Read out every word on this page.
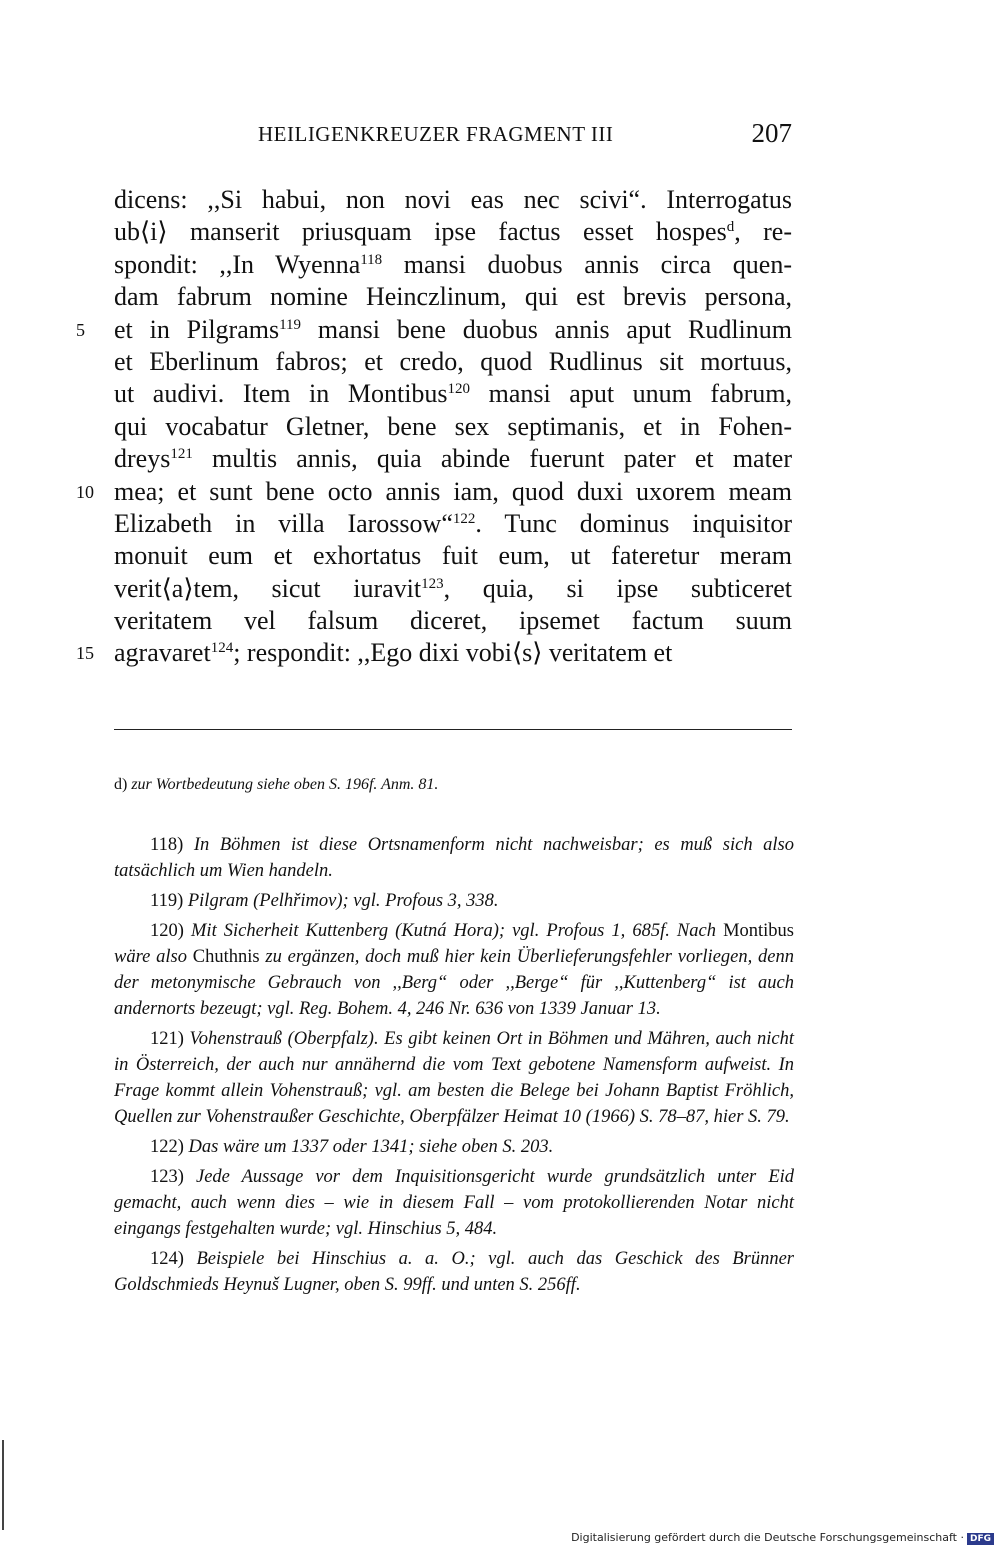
HEILIGENKREUZER FRAGMENT III	207
dicens: ,,Si habui, non novi eas nec scivi“. Interrogatus
ub⟨i⟩ manserit priusquam ipse factus esset hospes$^d$, re-
spondit: ,,In Wyenna$^{118}$ mansi duobus annis circa quen-
dam fabrum nomine Heinczlinum, qui est brevis persona,
5 et in Pilgrams$^{119}$ mansi bene duobus annis aput Rudlinum
et Eberlinum fabros; et credo, quod Rudlinus sit mortuus,
ut audivi. Item in Montibus$^{120}$ mansi aput unum fabrum,
qui vocabatur Gletner, bene sex septimanis, et in Fohen-
dreys$^{121}$ multis annis, quia abinde fuerunt pater et mater
10 mea; et sunt bene octo annis iam, quod duxi uxorem meam
Elizabeth in villa Iarossow“$^{122}$. Tunc dominus inquisitor
monuit eum et exhortatus fuit eum, ut fateretur meram
verit⟨a⟩tem, sicut iuravit$^{123}$, quia, si ipse subticeret
veritatem vel falsum diceret, ipsemet factum suum
15 agravaret$^{124}$; respondit: ,,Ego dixi vobi⟨s⟩ veritatem et
d) zur Wortbedeutung siehe oben S. 196f. Anm. 81.
118) In Böhmen ist diese Ortsnamenform nicht nachweisbar; es muß sich also tatsächlich um Wien handeln.
119) Pilgram (Pelhřimov); vgl. Profous 3, 338.
120) Mit Sicherheit Kuttenberg (Kutná Hora); vgl. Profous 1, 685f. Nach Montibus wäre also Chuthnis zu ergänzen, doch muß hier kein Überlieferungsfehler vorliegen, denn der metonymische Gebrauch von ,,Berg“ oder ,,Berge“ für ,,Kuttenberg“ ist auch andernorts bezeugt; vgl. Reg. Bohem. 4, 246 Nr. 636 von 1339 Januar 13.
121) Vohenstrauß (Oberpfalz). Es gibt keinen Ort in Böhmen und Mähren, auch nicht in Österreich, der auch nur annähernd die vom Text gebotene Namensform aufweist. In Frage kommt allein Vohenstrauß; vgl. am besten die Belege bei Johann Baptist Fröhlich, Quellen zur Vohenstraußer Geschichte, Oberpfälzer Heimat 10 (1966) S. 78–87, hier S. 79.
122) Das wäre um 1337 oder 1341; siehe oben S. 203.
123) Jede Aussage vor dem Inquisitionsgericht wurde grundsätzlich unter Eid gemacht, auch wenn dies – wie in diesem Fall – vom protokollierenden Notar nicht eingangs festgehalten wurde; vgl. Hinschius 5, 484.
124) Beispiele bei Hinschius a. a. O.; vgl. auch das Geschick des Brünner Goldschmieds Heynuš Lugner, oben S. 99ff. und unten S. 256ff.
Digitalisierung gefördert durch die Deutsche Forschungsgemeinschaft · DFG
